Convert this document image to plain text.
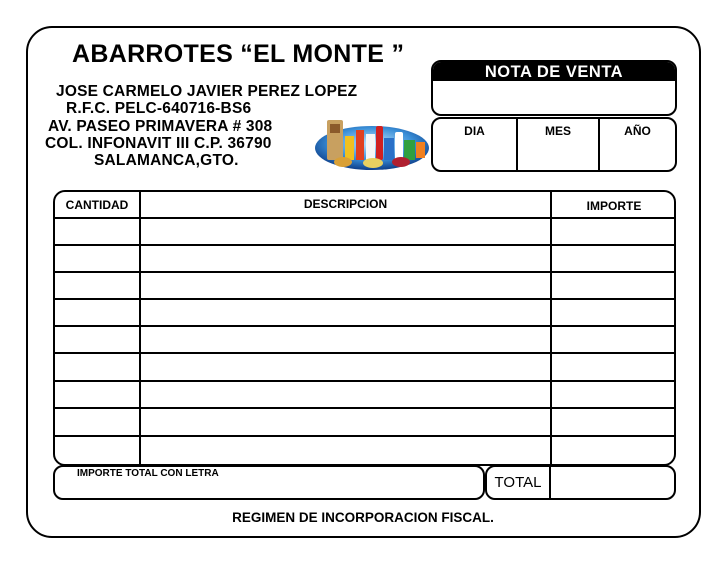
ABARROTES “EL MONTE ”
JOSE CARMELO JAVIER PEREZ LOPEZ
R.F.C. PELC-640716-BS6
AV. PASEO PRIMAVERA # 308
COL. INFONAVIT III C.P. 36790
SALAMANCA,GTO.
NOTA DE VENTA
DIA	MES	AÑO
CANTIDAD	DESCRIPCION	IMPORTE
IMPORTE TOTAL CON LETRA
TOTAL
REGIMEN DE INCORPORACION FISCAL.
